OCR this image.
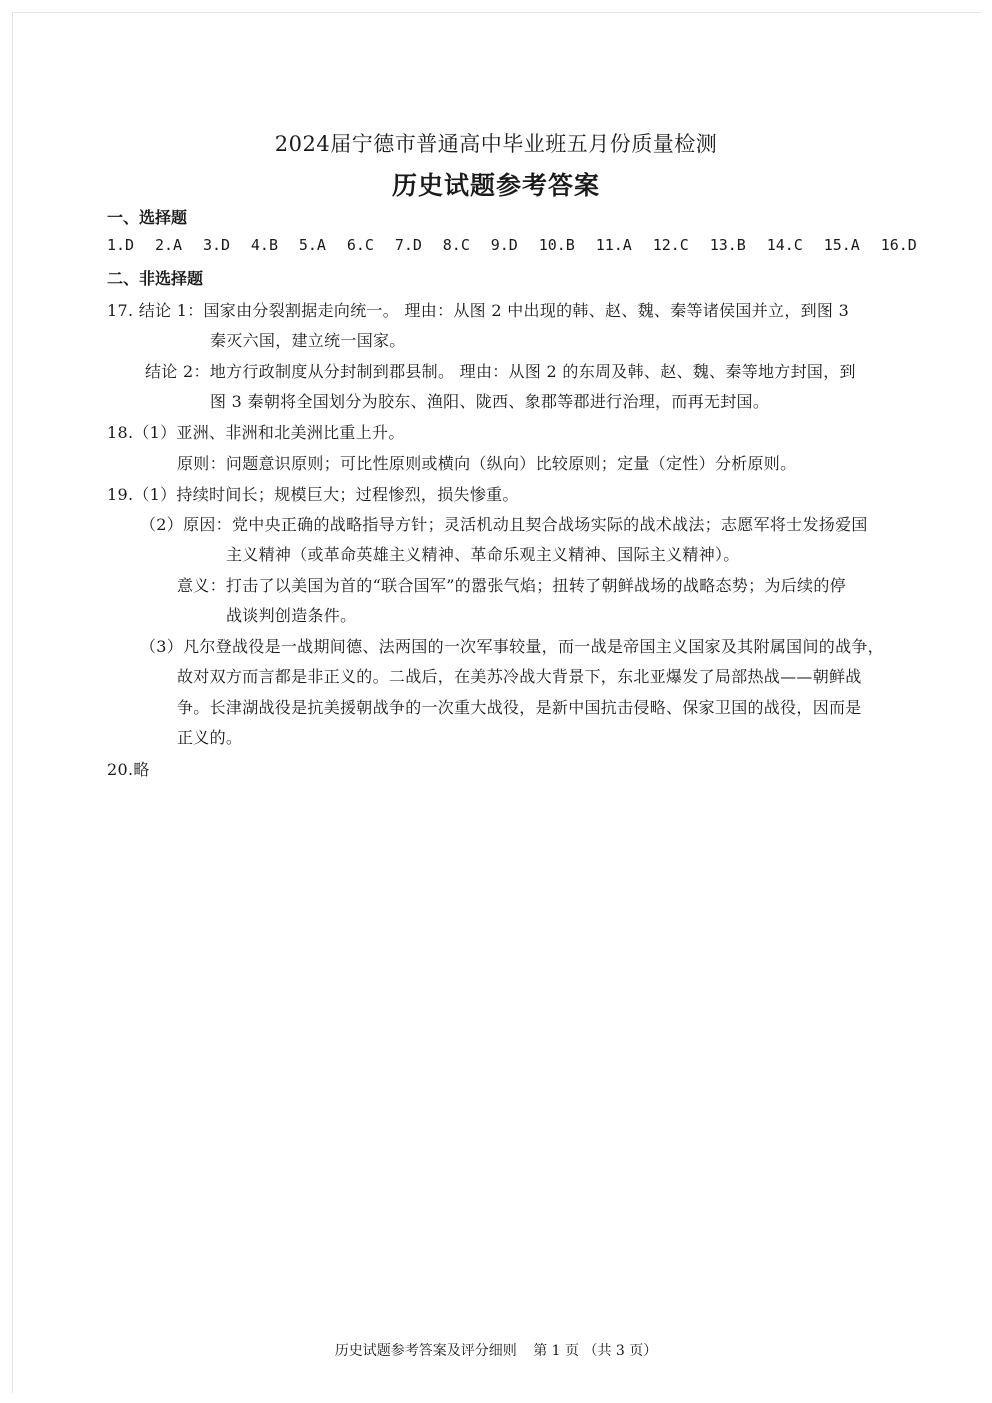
2024届宁德市普通高中毕业班五月份质量检测
历史试题参考答案
一、选择题
1.D 2.A 3.D 4.B 5.A 6.C 7.D 8.C 9.D 10.B 11.A 12.C 13.B 14.C 15.A 16.D
二、非选择题
17. 结论 1：国家由分裂割据走向统一。 理由：从图 2 中出现的韩、赵、魏、秦等诸侯国并立，到图 3
秦灭六国，建立统一国家。
结论 2：地方行政制度从分封制到郡县制。 理由：从图 2 的东周及韩、赵、魏、秦等地方封国，到
图 3 秦朝将全国划分为胶东、渔阳、陇西、象郡等郡进行治理，而再无封国。
18.（1）亚洲、非洲和北美洲比重上升。
原则：问题意识原则；可比性原则或横向（纵向）比较原则；定量（定性）分析原则。
19.（1）持续时间长；规模巨大；过程惨烈，损失惨重。
（2）原因：党中央正确的战略指导方针；灵活机动且契合战场实际的战术战法；志愿军将士发扬爱国
主义精神（或革命英雄主义精神、革命乐观主义精神、国际主义精神）。
意义：打击了以美国为首的“联合国军”的嚣张气焰；扭转了朝鲜战场的战略态势；为后续的停
战谈判创造条件。
（3）凡尔登战役是一战期间德、法两国的一次军事较量，而一战是帝国主义国家及其附属国间的战争，
故对双方而言都是非正义的。二战后，在美苏冷战大背景下，东北亚爆发了局部热战——朝鲜战
争。长津湖战役是抗美援朝战争的一次重大战役，是新中国抗击侵略、保家卫国的战役，因而是
正义的。
20.略
历史试题参考答案及评分细则 第 1 页 （共 3 页）
